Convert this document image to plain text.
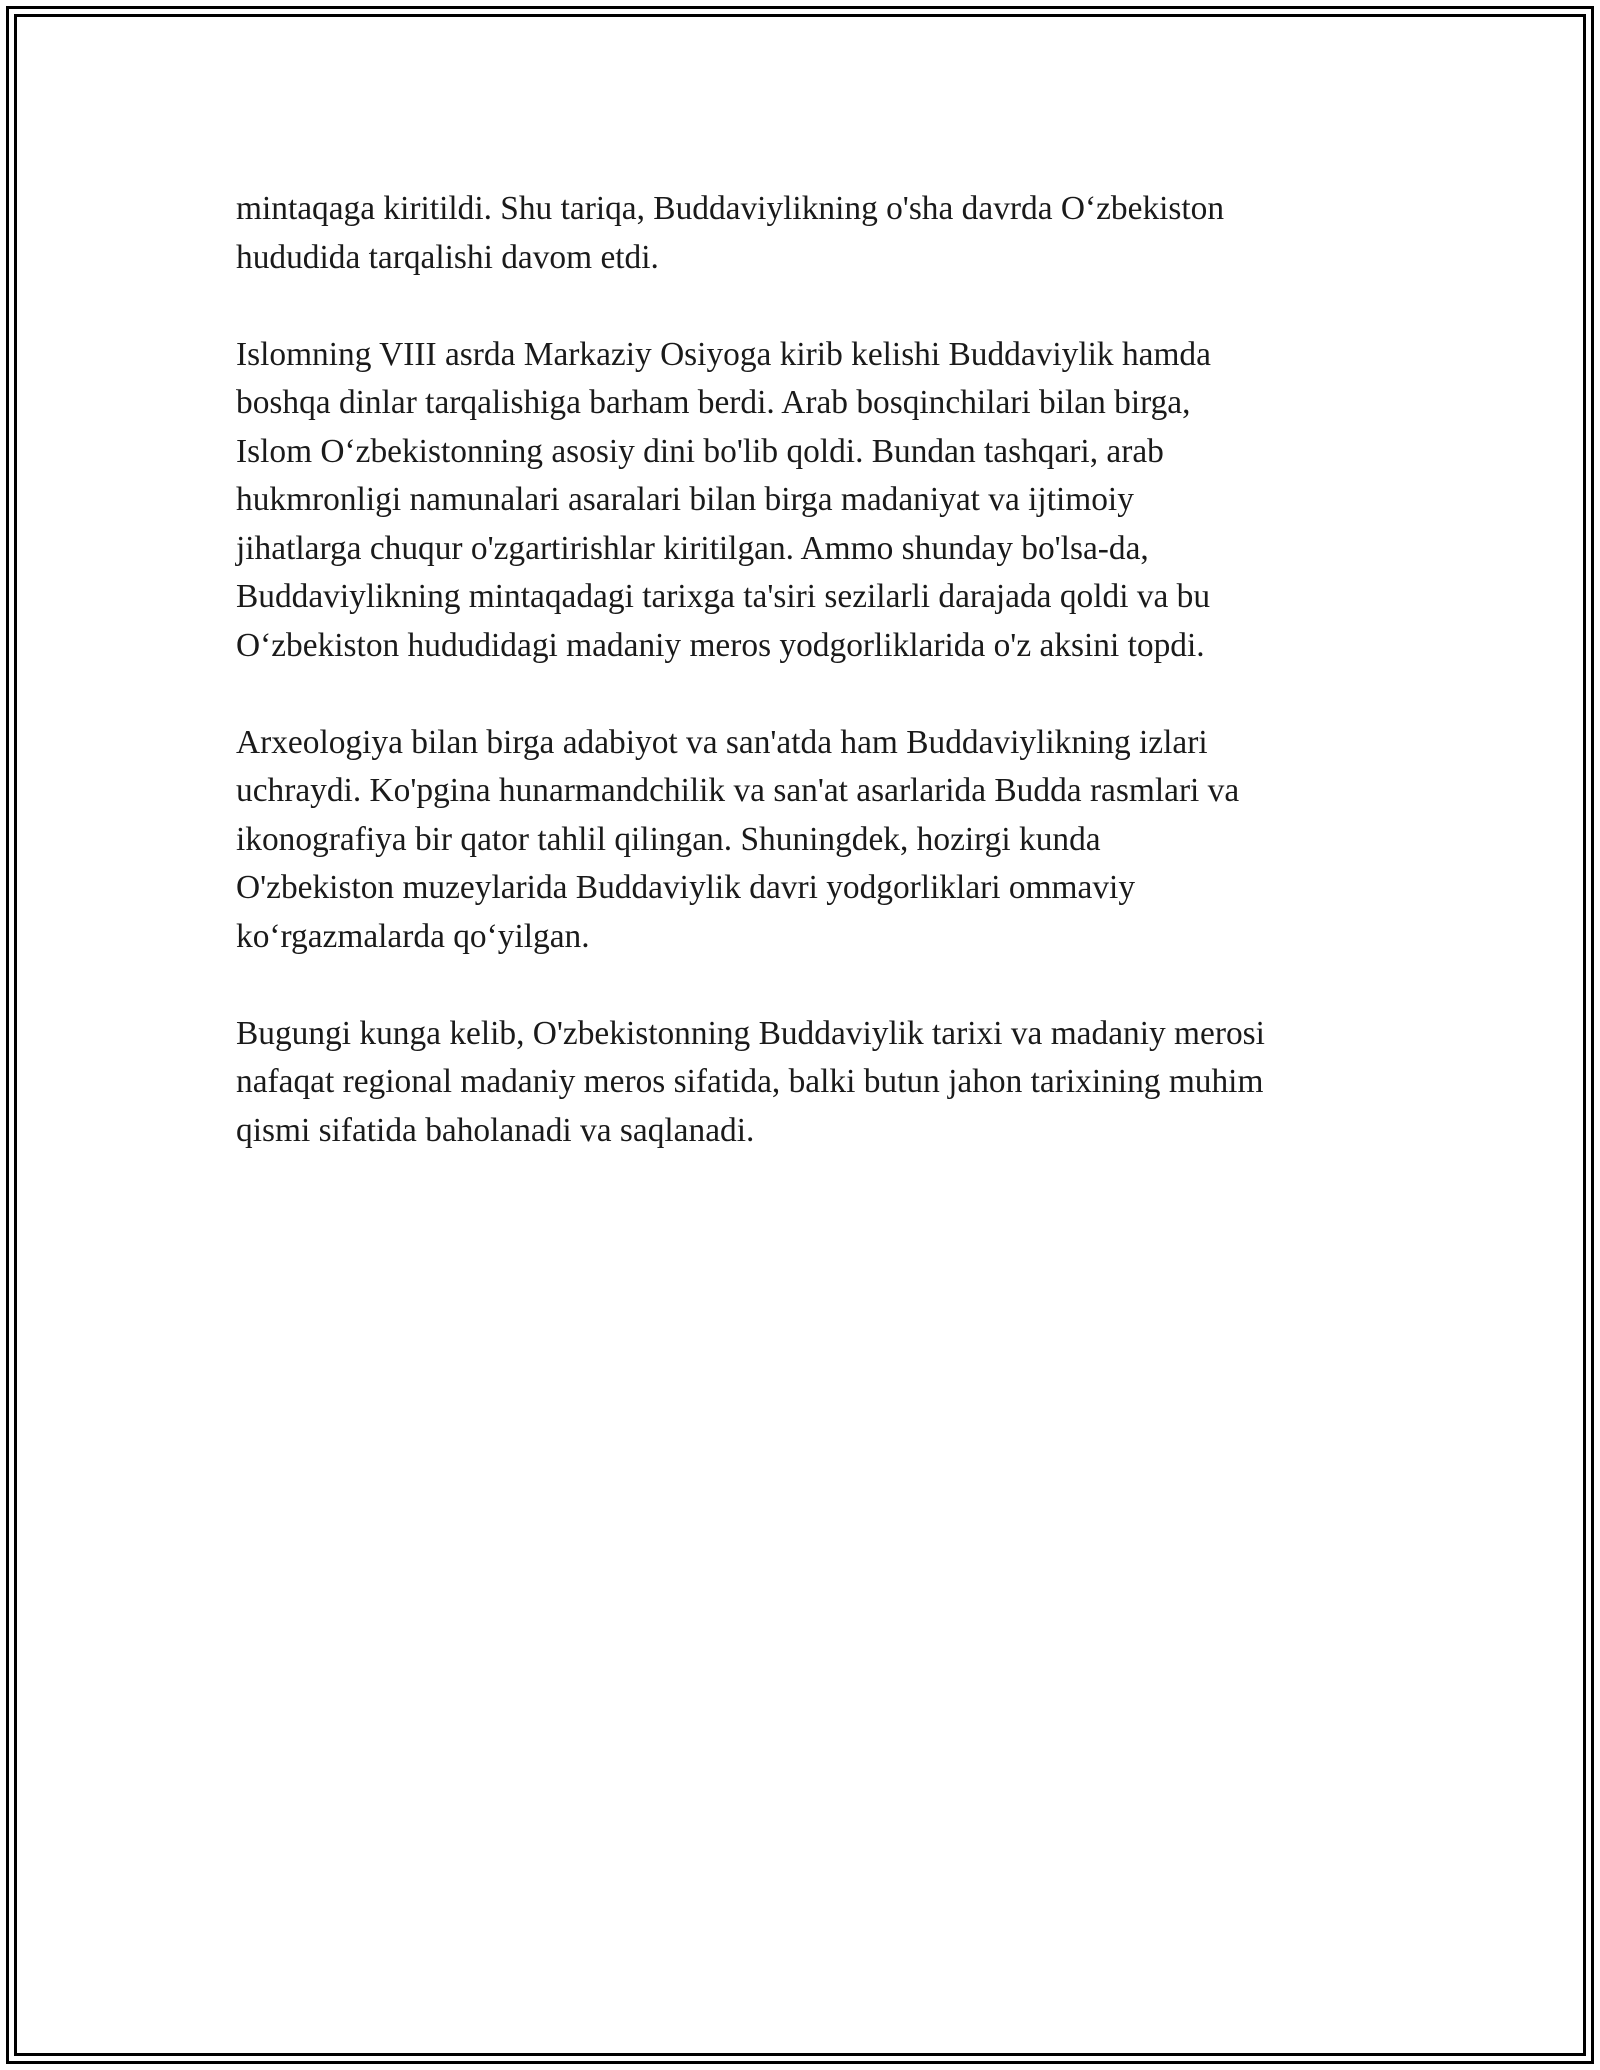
mintaqaga kiritildi. Shu tariqa, Buddaviylikning o'sha davrda O‘zbekiston
hududida tarqalishi davom etdi.

Islomning VIII asrda Markaziy Osiyoga kirib kelishi Buddaviylik hamda
boshqa dinlar tarqalishiga barham berdi. Arab bosqinchilari bilan birga,
Islom O‘zbekistonning asosiy dini bo'lib qoldi. Bundan tashqari, arab
hukmronligi namunalari asaralari bilan birga madaniyat va ijtimoiy
jihatlarga chuqur o'zgartirishlar kiritilgan. Ammo shunday bo'lsa-da,
Buddaviylikning mintaqadagi tarixga ta'siri sezilarli darajada qoldi va bu
O‘zbekiston hududidagi madaniy meros yodgorliklarida o'z aksini topdi.

Arxeologiya bilan birga adabiyot va san'atda ham Buddaviylikning izlari
uchraydi. Ko'pgina hunarmandchilik va san'at asarlarida Budda rasmlari va
ikonografiya bir qator tahlil qilingan. Shuningdek, hozirgi kunda
O'zbekiston muzeylarida Buddaviylik davri yodgorliklari ommaviy
ko‘rgazmalarda qo‘yilgan.

Bugungi kunga kelib, O'zbekistonning Buddaviylik tarixi va madaniy merosi
nafaqat regional madaniy meros sifatida, balki butun jahon tarixining muhim
qismi sifatida baholanadi va saqlanadi.
